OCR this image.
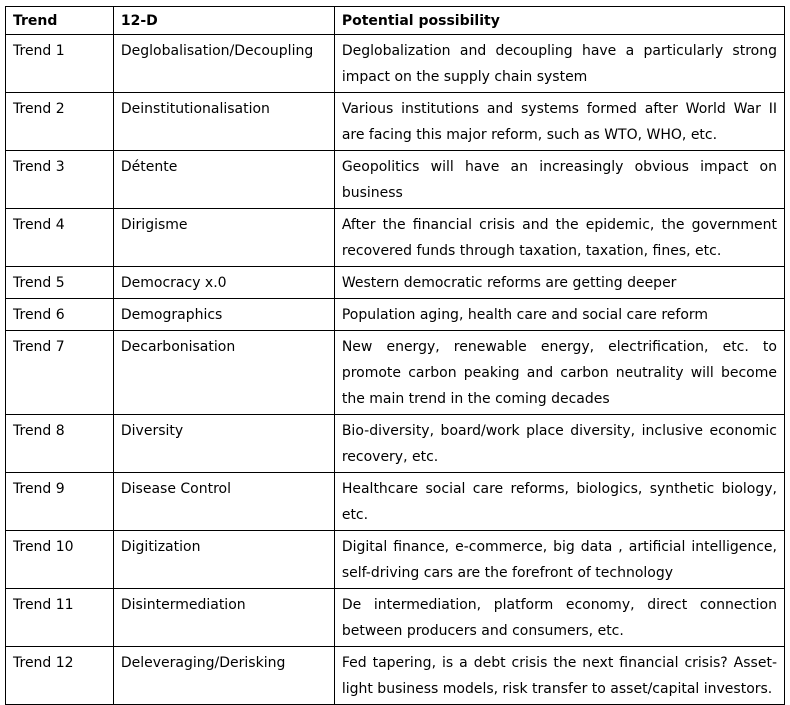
Trend	12-D	Potential possibility
Trend 1	Deglobalisation/Decoupling	Deglobalization and decoupling have a particularly strong impact on the supply chain system
Trend 2	Deinstitutionalisation	Various institutions and systems formed after World War II are facing this major reform, such as WTO, WHO, etc.
Trend 3	Détente	Geopolitics will have an increasingly obvious impact on business
Trend 4	Dirigisme	After the financial crisis and the epidemic, the government recovered funds through taxation, taxation, fines, etc.
Trend 5	Democracy x.0	Western democratic reforms are getting deeper
Trend 6	Demographics	Population aging, health care and social care reform
Trend 7	Decarbonisation	New energy, renewable energy, electrification, etc. to promote carbon peaking and carbon neutrality will become the main trend in the coming decades
Trend 8	Diversity	Bio-diversity, board/work place diversity, inclusive economic recovery, etc.
Trend 9	Disease Control	Healthcare social care reforms, biologics, synthetic biology, etc.
Trend 10	Digitization	Digital finance, e-commerce, big data , artificial intelligence, self-driving cars are the forefront of technology
Trend 11	Disintermediation	De intermediation, platform economy, direct connection between producers and consumers, etc.
Trend 12	Deleveraging/Derisking	Fed tapering, is a debt crisis the next financial crisis? Asset-light business models, risk transfer to asset/capital investors.
